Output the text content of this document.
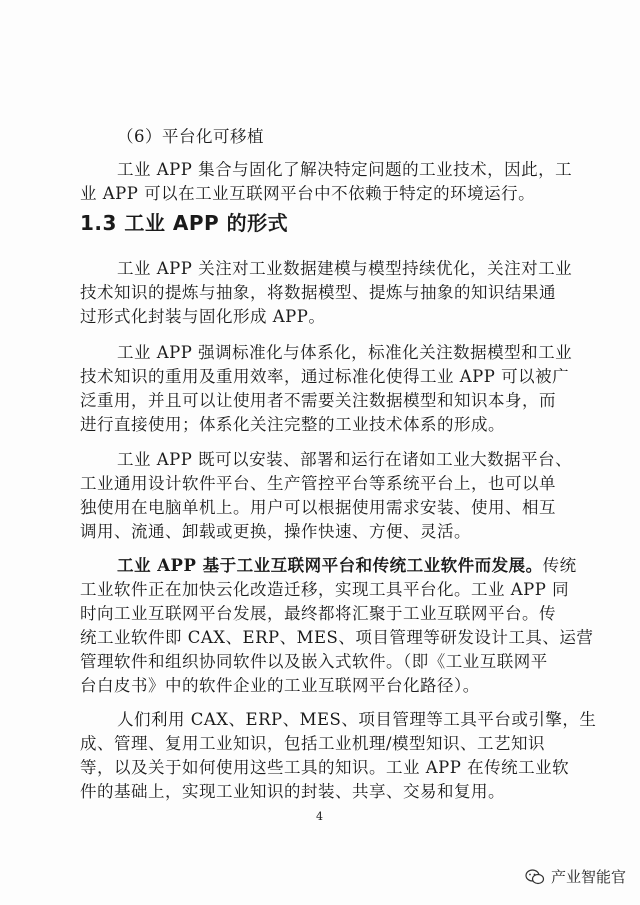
（6）平台化可移植
工业 APP 集合与固化了解决特定问题的工业技术，因此，工
业 APP 可以在工业互联网平台中不依赖于特定的环境运行。
1.3 工业 APP 的形式
工业 APP 关注对工业数据建模与模型持续优化，关注对工业
技术知识的提炼与抽象，将数据模型、提炼与抽象的知识结果通
过形式化封装与固化形成 APP。
工业 APP 强调标准化与体系化，标准化关注数据模型和工业
技术知识的重用及重用效率，通过标准化使得工业 APP 可以被广
泛重用，并且可以让使用者不需要关注数据模型和知识本身，而
进行直接使用；体系化关注完整的工业技术体系的形成。
工业 APP 既可以安装、部署和运行在诸如工业大数据平台、
工业通用设计软件平台、生产管控平台等系统平台上，也可以单
独使用在电脑单机上。用户可以根据使用需求安装、使用、相互
调用、流通、卸载或更换，操作快速、方便、灵活。
工业 APP 基于工业互联网平台和传统工业软件而发展。传统
工业软件正在加快云化改造迁移，实现工具平台化。工业 APP 同
时向工业互联网平台发展，最终都将汇聚于工业互联网平台。传
统工业软件即 CAX、ERP、MES、项目管理等研发设计工具、运营
管理软件和组织协同软件以及嵌入式软件。（即《工业互联网平
台白皮书》中的软件企业的工业互联网平台化路径）。
人们利用 CAX、ERP、MES、项目管理等工具平台或引擎，生
成、管理、复用工业知识，包括工业机理/模型知识、工艺知识
等，以及关于如何使用这些工具的知识。工业 APP 在传统工业软
件的基础上，实现工业知识的封装、共享、交易和复用。
4
产业智能官
